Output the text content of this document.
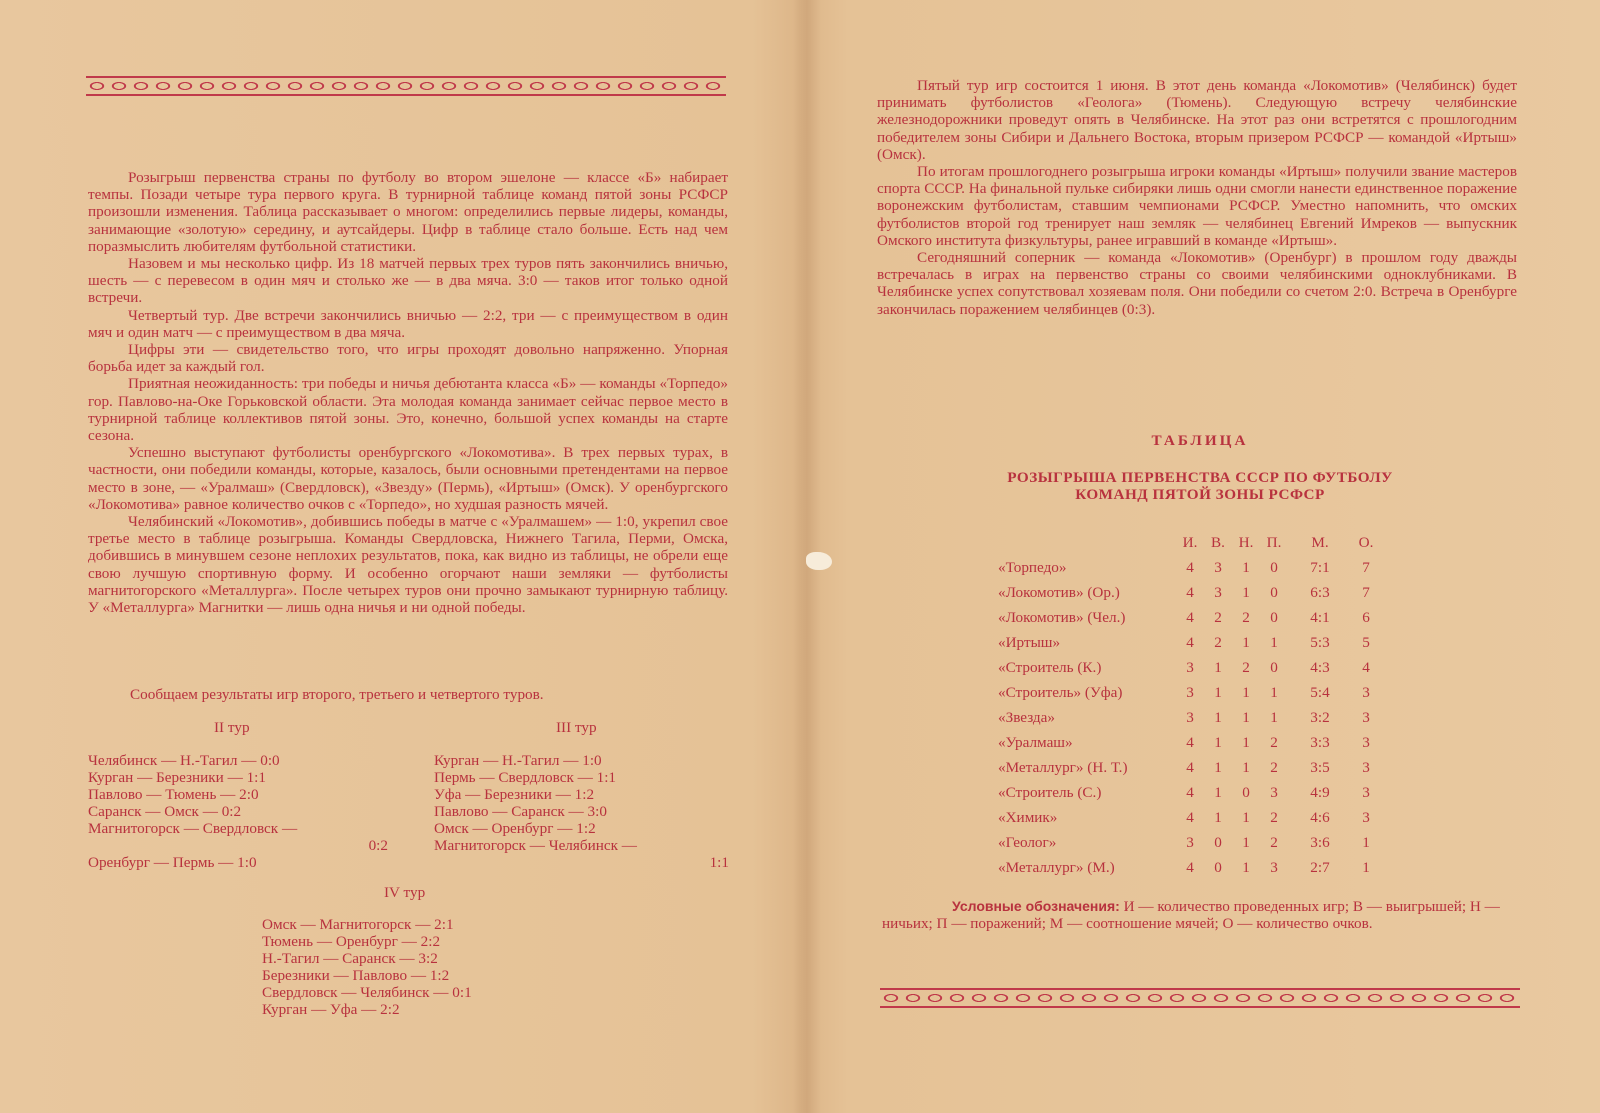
Розыгрыш первенства страны по футболу во втором эшелоне — классе «Б» набирает темпы. Позади четыре тура первого круга. В турнирной таблице команд пятой зоны РСФСР произошли изменения. Таблица рассказывает о многом: определились первые лидеры, команды, занимающие «золотую» середину, и аутсайдеры. Цифр в таблице стало больше. Есть над чем поразмыслить любителям футбольной статистики.

Назовем и мы несколько цифр. Из 18 матчей первых трех туров пять закончились вничью, шесть — с перевесом в один мяч и столько же — в два мяча. 3:0 — таков итог только одной встречи.

Четвертый тур. Две встречи закончились вничью — 2:2, три — с преимуществом в один мяч и один матч — с преимуществом в два мяча.

Цифры эти — свидетельство того, что игры проходят довольно напряженно. Упорная борьба идет за каждый гол.

Приятная неожиданность: три победы и ничья дебютанта класса «Б» — команды «Торпедо» гор. Павлово-на-Оке Горьковской области. Эта молодая команда занимает сейчас первое место в турнирной таблице коллективов пятой зоны. Это, конечно, большой успех команды на старте сезона.

Успешно выступают футболисты оренбургского «Локомотива». В трех первых турах, в частности, они победили команды, которые, казалось, были основными претендентами на первое место в зоне, — «Уралмаш» (Свердловск), «Звезду» (Пермь), «Иртыш» (Омск). У оренбургского «Локомотива» равное количество очков с «Торпедо», но худшая разность мячей.

Челябинский «Локомотив», добившись победы в матче с «Уралмашем» — 1:0, укрепил свое третье место в таблице розыгрыша. Команды Свердловска, Нижнего Тагила, Перми, Омска, добившись в минувшем сезоне неплохих результатов, пока, как видно из таблицы, не обрели еще свою лучшую спортивную форму. И особенно огорчают наши земляки — футболисты магнитогорского «Металлурга». После четырех туров они прочно замыкают турнирную таблицу. У «Металлурга» Магнитки — лишь одна ничья и ни одной победы.

Сообщаем результаты игр второго, третьего и четвертого туров.
II тур	III тур
Челябинск — Н.-Тагил — 0:0
Курган — Березники — 1:1
Павлово — Тюмень — 2:0
Саранск — Омск — 0:2
Магнитогорск — Свердловск —
0:2
Оренбург — Пермь — 1:0
Курган — Н.-Тагил — 1:0
Пермь — Свердловск — 1:1
Уфа — Березники — 1:2
Павлово — Саранск — 3:0
Омск — Оренбург — 1:2
Магнитогорск — Челябинск —
1:1
IV тур
Омск — Магнитогорск — 2:1
Тюмень — Оренбург — 2:2
Н.-Тагил — Саранск — 3:2
Березники — Павлово — 1:2
Свердловск — Челябинск — 0:1
Курган — Уфа — 2:2

Пятый тур игр состоится 1 июня. В этот день команда «Локомотив» (Челябинск) будет принимать футболистов «Геолога» (Тюмень). Следующую встречу челябинские железнодорожники проведут опять в Челябинске. На этот раз они встретятся с прошлогодним победителем зоны Сибири и Дальнего Востока, вторым призером РСФСР — командой «Иртыш» (Омск).

По итогам прошлогоднего розыгрыша игроки команды «Иртыш» получили звание мастеров спорта СССР. На финальной пульке сибиряки лишь одни смогли нанести единственное поражение воронежским футболистам, ставшим чемпионами РСФСР. Уместно напомнить, что омских футболистов второй год тренирует наш земляк — челябинец Евгений Имреков — выпускник Омского института физкультуры, ранее игравший в команде «Иртыш».

Сегодняшний соперник — команда «Локомотив» (Оренбург) в прошлом году дважды встречалась в играх на первенство страны со своими челябинскими одноклубниками. В Челябинске успех сопутствовал хозяевам поля. Они победили со счетом 2:0. Встреча в Оренбурге закончилась поражением челябинцев (0:3).

ТАБЛИЦА
РОЗЫГРЫША ПЕРВЕНСТВА СССР ПО ФУТБОЛУ
КОМАНД ПЯТОЙ ЗОНЫ РСФСР
	И.	В.	Н.	П.	М.	О.
«Торпедо»	4	3	1	0	7:1	7
«Локомотив» (Ор.)	4	3	1	0	6:3	7
«Локомотив» (Чел.)	4	2	2	0	4:1	6
«Иртыш»	4	2	1	1	5:3	5
«Строитель (К.)	3	1	2	0	4:3	4
«Строитель» (Уфа)	3	1	1	1	5:4	3
«Звезда»	3	1	1	1	3:2	3
«Уралмаш»	4	1	1	2	3:3	3
«Металлург» (Н. Т.)	4	1	1	2	3:5	3
«Строитель (С.)	4	1	0	3	4:9	3
«Химик»	4	1	1	2	4:6	3
«Геолог»	3	0	1	2	3:6	1
«Металлург» (М.)	4	0	1	3	2:7	1
Условные обозначения: И — количество проведенных игр; В — выигрышей; Н — ничьих; П — поражений; М — соотношение мячей; О — количество очков.
